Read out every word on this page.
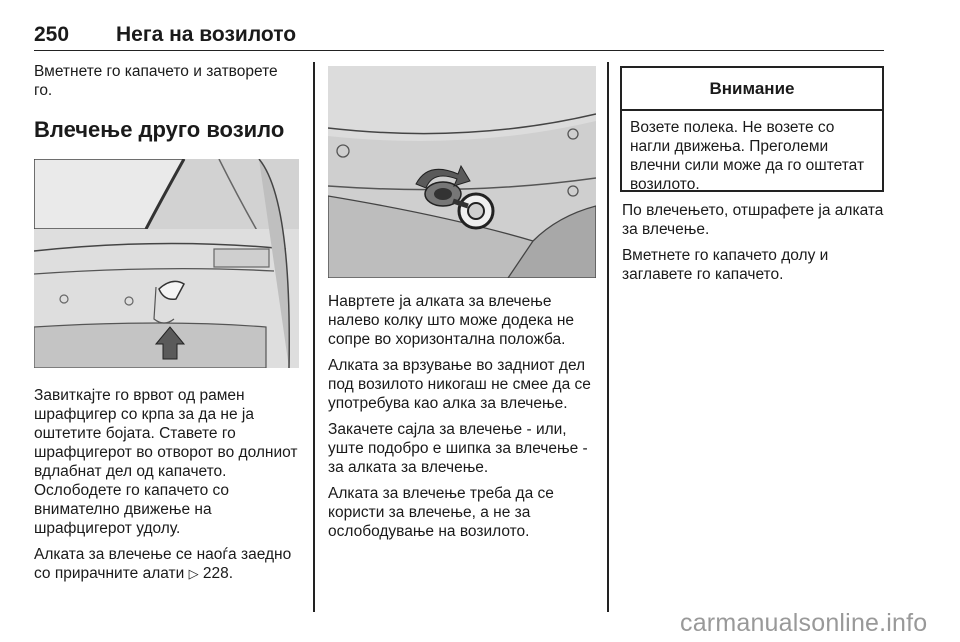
250 Нега на возилото

Вметнете го капачето и затворете го.

Влечење друго возило

Завиткајте го врвот од рамен шрафцигер со крпа за да не ја оштетите бојата. Ставете го шрафцигерот во отворот во долниот вдлабнат дел од капачето. Ослободете го капачето со внимателно движење на шрафцигерот удолу.

Алката за влечење се наоѓа заедно со прирачните алати ▷ 228.

Навртете ја алката за влечење налево колку што може додека не сопре во хоризонтална положба.

Алката за врзување во задниот дел под возилото никогаш не смее да се употребува као алка за влечење.

Закачете сајла за влечење - или, уште подобро е шипка за влечење - за алката за влечење.

Алката за влечење треба да се користи за влечење, а не за ослободување на возилото.

Внимание
Возете полека. Не возете со нагли движења. Преголеми влечни сили може да го оштетат возилото.

По влечењето, отшрафете ја алката за влечење.

Вметнете го капачето долу и заглавете го капачето.

carmanualsonline.info
